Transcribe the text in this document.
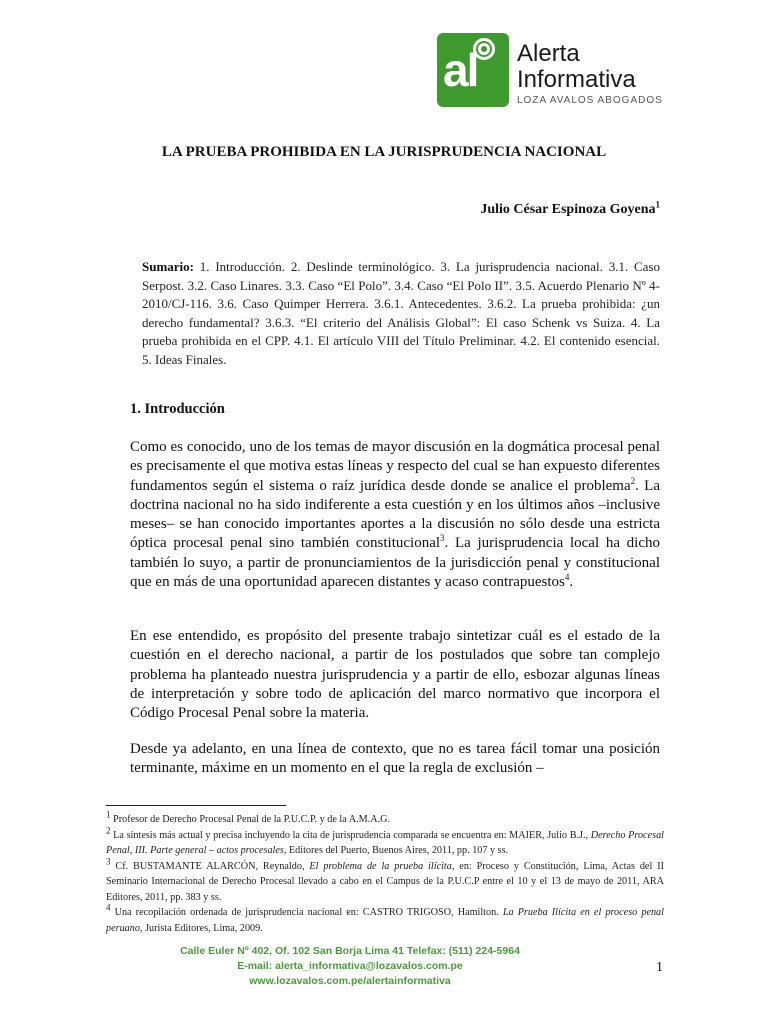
al Alerta
Informativa
LOZA AVALOS ABOGADOS
LA PRUEBA PROHIBIDA EN LA JURISPRUDENCIA NACIONAL
Julio César Espinoza Goyena$^1$
Sumario: 1. Introducción. 2. Deslinde terminológico. 3. La jurisprudencia nacional. 3.1. Caso Serpost. 3.2. Caso Linares. 3.3. Caso “El Polo”. 3.4. Caso “El Polo II”. 3.5. Acuerdo Plenario Nº 4-2010/CJ-116. 3.6. Caso Quimper Herrera. 3.6.1. Antecedentes. 3.6.2. La prueba prohibida: ¿un derecho fundamental? 3.6.3. “El criterio del Análisis Global”: El caso Schenk vs Suiza. 4. La prueba prohibida en el CPP. 4.1. El artículo VIII del Título Preliminar. 4.2. El contenido esencial. 5. Ideas Finales.
1. Introducción
Como es conocido, uno de los temas de mayor discusión en la dogmática procesal penal es precisamente el que motiva estas líneas y respecto del cual se han expuesto diferentes fundamentos según el sistema o raíz jurídica desde donde se analice el problema$^2$. La doctrina nacional no ha sido indiferente a esta cuestión y en los últimos años –inclusive meses– se han conocido importantes aportes a la discusión no sólo desde una estricta óptica procesal penal sino también constitucional$^3$. La jurisprudencia local ha dicho también lo suyo, a partir de pronunciamientos de la jurisdicción penal y constitucional que en más de una oportunidad aparecen distantes y acaso contrapuestos$^4$.
En ese entendido, es propósito del presente trabajo sintetizar cuál es el estado de la cuestión en el derecho nacional, a partir de los postulados que sobre tan complejo problema ha planteado nuestra jurisprudencia y a partir de ello, esbozar algunas líneas de interpretación y sobre todo de aplicación del marco normativo que incorpora el Código Procesal Penal sobre la materia.
Desde ya adelanto, en una línea de contexto, que no es tarea fácil tomar una posición terminante, máxime en un momento en el que la regla de exclusión –

$^1$ Profesor de Derecho Procesal Penal de la P.U.C.P. y de la A.M.A.G.

$^2$ La síntesis más actual y precisa incluyendo la cita de jurisprudencia comparada se encuentra en: MAIER, Julio B.J., Derecho Procesal Penal, III. Parte general – actos procesales, Editores del Puerto, Buenos Aires, 2011, pp. 107 y ss.

$^3$ Cf. BUSTAMANTE ALARCÓN, Reynaldo, El problema de la prueba ilícita, en: Proceso y Constitución, Lima, Actas del II Seminario Internacional de Derecho Procesal llevado a cabo en el Campus de la P.U.C.P entre el 10 y el 13 de mayo de 2011, ARA Editores, 2011, pp. 383 y ss.

$^4$ Una recopilación ordenada de jurisprudencia nacional en: CASTRO TRIGOSO, Hamilton. La Prueba Ilícita en el proceso penal peruano, Jurista Editores, Lima, 2009.

Calle Euler Nº 402, Of. 102 San Borja Lima 41 Telefax: (511) 224-5964
E-mail: alerta_informativa@lozavalos.com.pe
www.lozavalos.com.pe/alertainformativa
1
